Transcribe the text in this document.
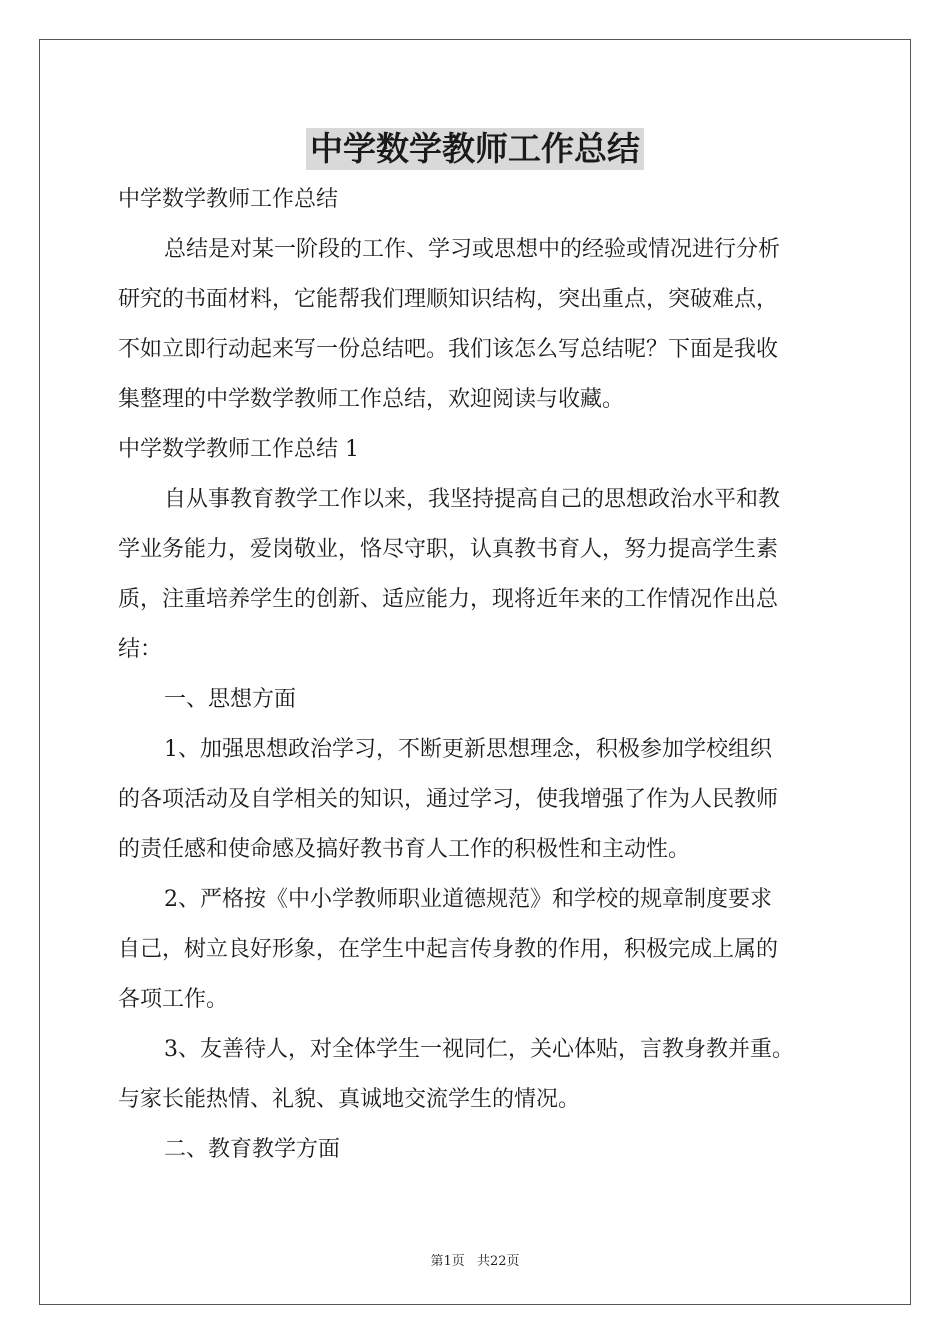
中学数学教师工作总结
中学数学教师工作总结
总结是对某一阶段的工作、学习或思想中的经验或情况进行分析
研究的书面材料，它能帮我们理顺知识结构，突出重点，突破难点，
不如立即行动起来写一份总结吧。我们该怎么写总结呢？下面是我收
集整理的中学数学教师工作总结，欢迎阅读与收藏。
中学数学教师工作总结 1
自从事教育教学工作以来，我坚持提高自己的思想政治水平和教
学业务能力，爱岗敬业，恪尽守职，认真教书育人，努力提高学生素
质，注重培养学生的创新、适应能力，现将近年来的工作情况作出总
结：
一、思想方面
1、加强思想政治学习，不断更新思想理念，积极参加学校组织
的各项活动及自学相关的知识，通过学习，使我增强了作为人民教师
的责任感和使命感及搞好教书育人工作的积极性和主动性。
2、严格按《中小学教师职业道德规范》和学校的规章制度要求
自己，树立良好形象，在学生中起言传身教的作用，积极完成上属的
各项工作。
3、友善待人，对全体学生一视同仁，关心体贴，言教身教并重。
与家长能热情、礼貌、真诚地交流学生的情况。
二、教育教学方面
第1页 共22页
